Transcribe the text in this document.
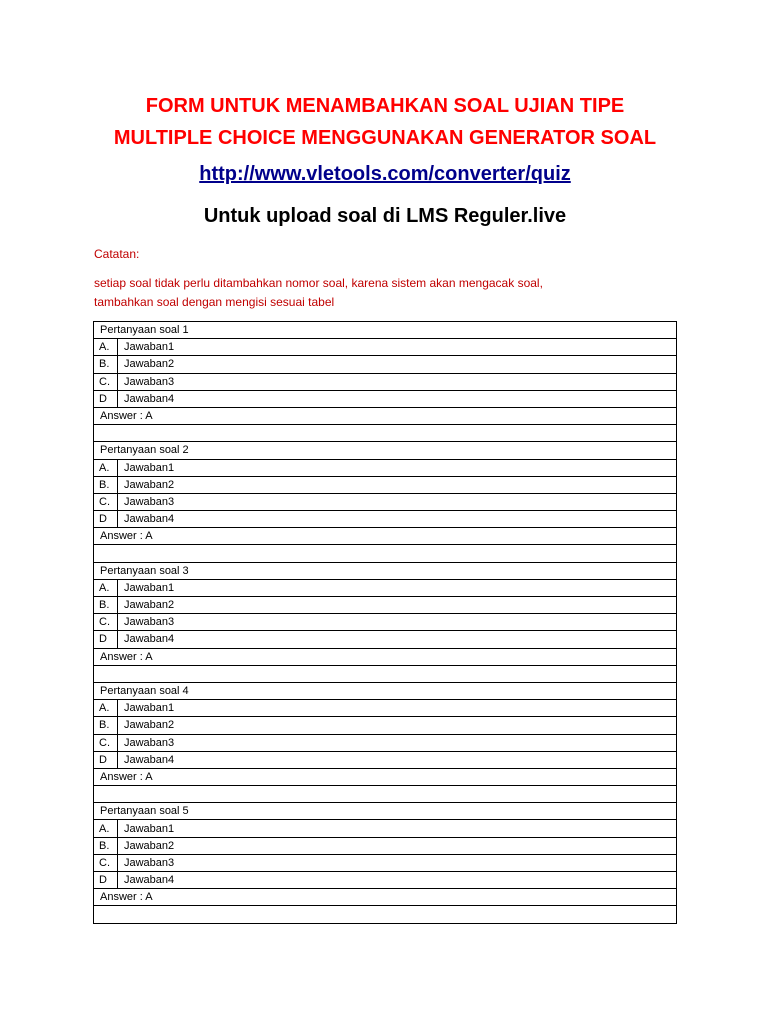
FORM UNTUK MENAMBAHKAN SOAL UJIAN TIPE
MULTIPLE CHOICE MENGGUNAKAN GENERATOR SOAL
http://www.vletools.com/converter/quiz
Untuk upload soal di LMS Reguler.live
Catatan:
setiap soal tidak perlu ditambahkan nomor soal, karena sistem akan mengacak soal,
tambahkan soal dengan mengisi sesuai tabel
Pertanyaan soal 1	
A.	Jawaban1
B.	Jawaban2
C.	Jawaban3
D	Jawaban4
Answer : A	

Pertanyaan soal 2	
A.	Jawaban1
B.	Jawaban2
C.	Jawaban3
D	Jawaban4
Answer : A	

Pertanyaan soal 3	
A.	Jawaban1
B.	Jawaban2
C.	Jawaban3
D	Jawaban4
Answer : A	

Pertanyaan soal 4	
A.	Jawaban1
B.	Jawaban2
C.	Jawaban3
D	Jawaban4
Answer : A	

Pertanyaan soal 5	
A.	Jawaban1
B.	Jawaban2
C.	Jawaban3
D	Jawaban4
Answer : A	
